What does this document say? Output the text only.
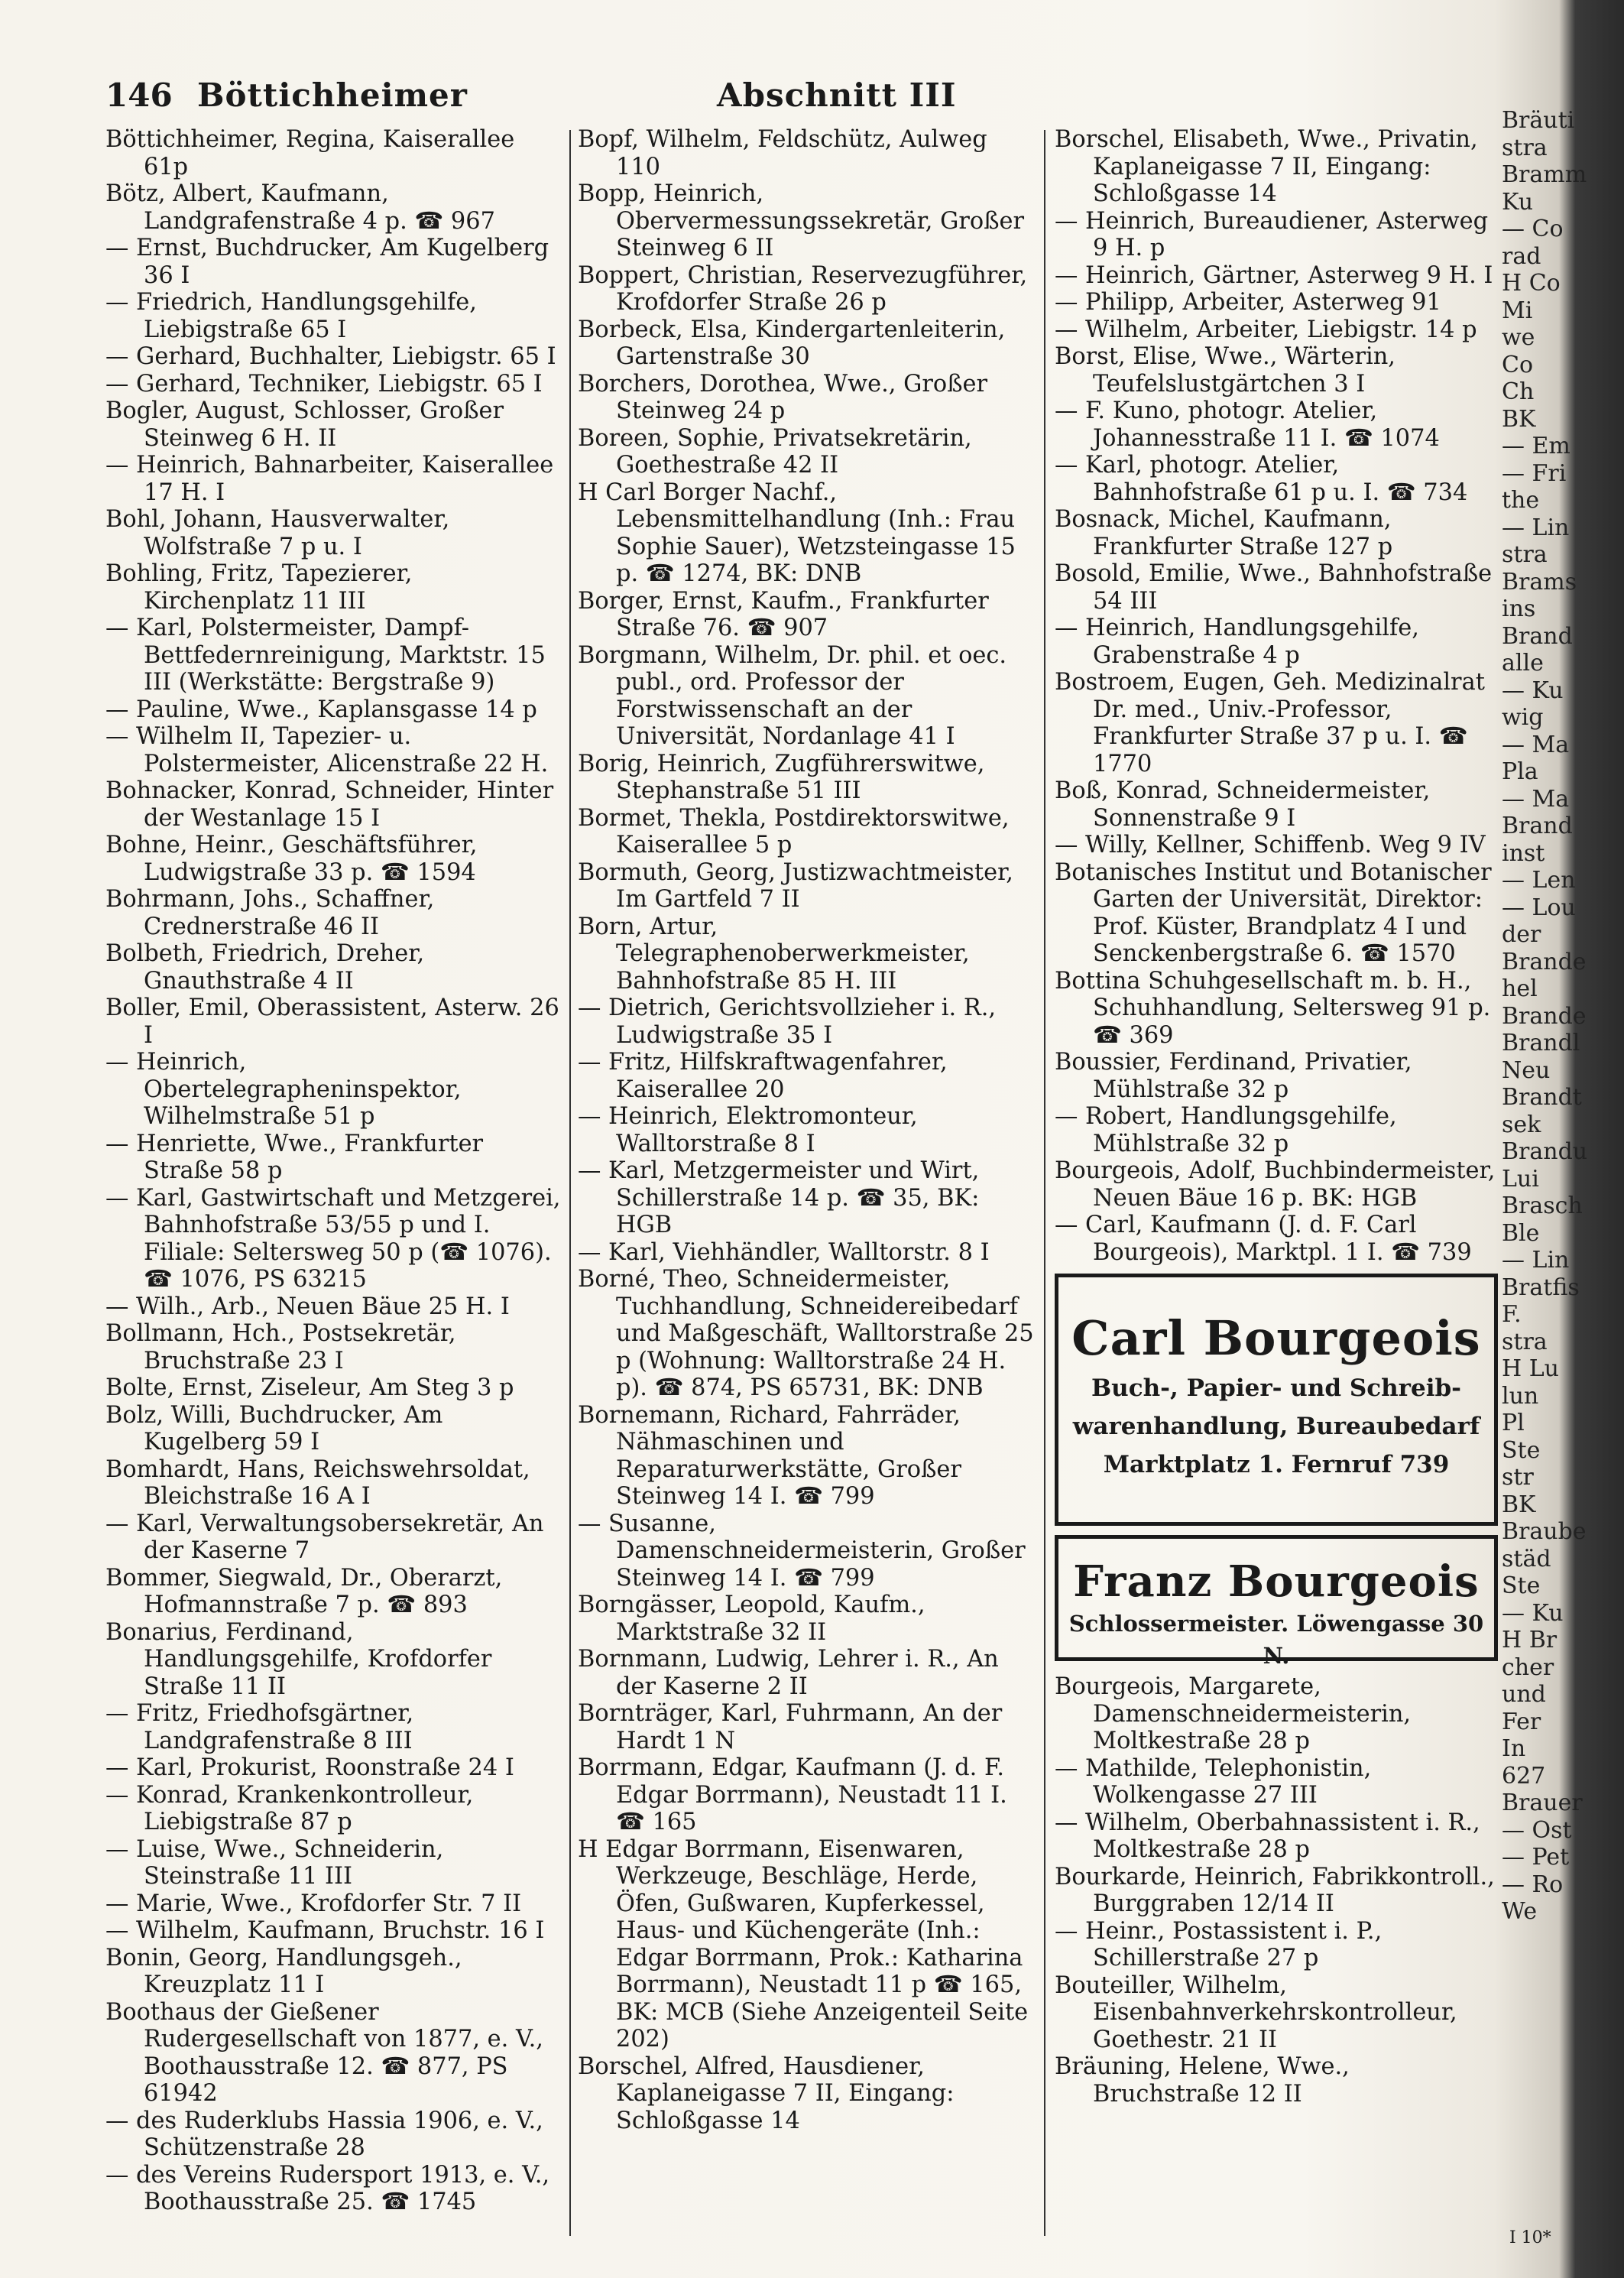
146 Böttichheimer	Abschnitt III

Böttichheimer, Regina, Kaiserallee 61p

Bötz, Albert, Kaufmann, Landgrafenstraße 4 p. ☎ 967

— Ernst, Buchdrucker, Am Kugelberg 36 I

— Friedrich, Handlungsgehilfe, Liebigstraße 65 I

— Gerhard, Buchhalter, Liebigstr. 65 I

— Gerhard, Techniker, Liebigstr. 65 I

Bogler, August, Schlosser, Großer Steinweg 6 H. II

— Heinrich, Bahnarbeiter, Kaiserallee 17 H. I

Bohl, Johann, Hausverwalter, Wolfstraße 7 p u. I

Bohling, Fritz, Tapezierer, Kirchenplatz 11 III

— Karl, Polstermeister, Dampf-Bettfedernreinigung, Marktstr. 15 III (Werkstätte: Bergstraße 9)

— Pauline, Wwe., Kaplansgasse 14 p

— Wilhelm II, Tapezier- u. Polstermeister, Alicenstraße 22 H.

Bohnacker, Konrad, Schneider, Hinter der Westanlage 15 I

Bohne, Heinr., Geschäftsführer, Ludwigstraße 33 p. ☎ 1594

Bohrmann, Johs., Schaffner, Crednerstraße 46 II

Bolbeth, Friedrich, Dreher, Gnauthstraße 4 II

Boller, Emil, Oberassistent, Asterw. 26 I

— Heinrich, Obertelegrapheninspektor, Wilhelmstraße 51 p

— Henriette, Wwe., Frankfurter Straße 58 p

— Karl, Gastwirtschaft und Metzgerei, Bahnhofstraße 53/55 p und I. Filiale: Seltersweg 50 p (☎ 1076). ☎ 1076, PS 63215

— Wilh., Arb., Neuen Bäue 25 H. I

Bollmann, Hch., Postsekretär, Bruchstraße 23 I

Bolte, Ernst, Ziseleur, Am Steg 3 p

Bolz, Willi, Buchdrucker, Am Kugelberg 59 I

Bomhardt, Hans, Reichswehrsoldat, Bleichstraße 16 A I

— Karl, Verwaltungsobersekretär, An der Kaserne 7

Bommer, Siegwald, Dr., Oberarzt, Hofmannstraße 7 p. ☎ 893

Bonarius, Ferdinand, Handlungsgehilfe, Krofdorfer Straße 11 II

— Fritz, Friedhofsgärtner, Landgrafenstraße 8 III

— Karl, Prokurist, Roonstraße 24 I

— Konrad, Krankenkontrolleur, Liebigstraße 87 p

— Luise, Wwe., Schneiderin, Steinstraße 11 III

— Marie, Wwe., Krofdorfer Str. 7 II

— Wilhelm, Kaufmann, Bruchstr. 16 I

Bonin, Georg, Handlungsgeh., Kreuzplatz 11 I

Boothaus der Gießener Rudergesellschaft von 1877, e. V., Boothausstraße 12. ☎ 877, PS 61942

— des Ruderklubs Hassia 1906, e. V., Schützenstraße 28

— des Vereins Rudersport 1913, e. V., Boothausstraße 25. ☎ 1745

Bopf, Wilhelm, Feldschütz, Aulweg 110

Bopp, Heinrich, Obervermessungssekretär, Großer Steinweg 6 II

Boppert, Christian, Reservezugführer, Krofdorfer Straße 26 p

Borbeck, Elsa, Kindergartenleiterin, Gartenstraße 30

Borchers, Dorothea, Wwe., Großer Steinweg 24 p

Boreen, Sophie, Privatsekretärin, Goethestraße 42 II

H Carl Borger Nachf., Lebensmittelhandlung (Inh.: Frau Sophie Sauer), Wetzsteingasse 15 p. ☎ 1274, BK: DNB

Borger, Ernst, Kaufm., Frankfurter Straße 76. ☎ 907

Borgmann, Wilhelm, Dr. phil. et oec. publ., ord. Professor der Forstwissenschaft an der Universität, Nordanlage 41 I

Borig, Heinrich, Zugführerswitwe, Stephanstraße 51 III

Bormet, Thekla, Postdirektorswitwe, Kaiserallee 5 p

Bormuth, Georg, Justizwachtmeister, Im Gartfeld 7 II

Born, Artur, Telegraphenoberwerkmeister, Bahnhofstraße 85 H. III

— Dietrich, Gerichtsvollzieher i. R., Ludwigstraße 35 I

— Fritz, Hilfskraftwagenfahrer, Kaiserallee 20

— Heinrich, Elektromonteur, Walltorstraße 8 I

— Karl, Metzgermeister und Wirt, Schillerstraße 14 p. ☎ 35, BK: HGB

— Karl, Viehhändler, Walltorstr. 8 I

Borné, Theo, Schneidermeister, Tuchhandlung, Schneidereibedarf und Maßgeschäft, Walltorstraße 25 p (Wohnung: Walltorstraße 24 H. p). ☎ 874, PS 65731, BK: DNB

Bornemann, Richard, Fahrräder, Nähmaschinen und Reparaturwerkstätte, Großer Steinweg 14 I. ☎ 799

— Susanne, Damenschneidermeisterin, Großer Steinweg 14 I. ☎ 799

Borngässer, Leopold, Kaufm., Marktstraße 32 II

Bornmann, Ludwig, Lehrer i. R., An der Kaserne 2 II

Bornträger, Karl, Fuhrmann, An der Hardt 1 N

Borrmann, Edgar, Kaufmann (J. d. F. Edgar Borrmann), Neustadt 11 I. ☎ 165

H Edgar Borrmann, Eisenwaren, Werkzeuge, Beschläge, Herde, Öfen, Gußwaren, Kupferkessel, Haus- und Küchengeräte (Inh.: Edgar Borrmann, Prok.: Katharina Borrmann), Neustadt 11 p ☎ 165, BK: MCB (Siehe Anzeigenteil Seite 202)

Borschel, Alfred, Hausdiener, Kaplaneigasse 7 II, Eingang: Schloßgasse 14

Borschel, Elisabeth, Wwe., Privatin, Kaplaneigasse 7 II, Eingang: Schloßgasse 14

— Heinrich, Bureaudiener, Asterweg 9 H. p

— Heinrich, Gärtner, Asterweg 9 H. I

— Philipp, Arbeiter, Asterweg 91

— Wilhelm, Arbeiter, Liebigstr. 14 p

Borst, Elise, Wwe., Wärterin, Teufelslustgärtchen 3 I

— F. Kuno, photogr. Atelier, Johannesstraße 11 I. ☎ 1074

— Karl, photogr. Atelier, Bahnhofstraße 61 p u. I. ☎ 734

Bosnack, Michel, Kaufmann, Frankfurter Straße 127 p

Bosold, Emilie, Wwe., Bahnhofstraße 54 III

— Heinrich, Handlungsgehilfe, Grabenstraße 4 p

Bostroem, Eugen, Geh. Medizinalrat Dr. med., Univ.-Professor, Frankfurter Straße 37 p u. I. ☎ 1770

Boß, Konrad, Schneidermeister, Sonnenstraße 9 I

— Willy, Kellner, Schiffenb. Weg 9 IV

Botanisches Institut und Botanischer Garten der Universität, Direktor: Prof. Küster, Brandplatz 4 I und Senckenbergstraße 6. ☎ 1570

Bottina Schuhgesellschaft m. b. H., Schuhhandlung, Seltersweg 91 p. ☎ 369

Boussier, Ferdinand, Privatier, Mühlstraße 32 p

— Robert, Handlungsgehilfe, Mühlstraße 32 p

Bourgeois, Adolf, Buchbindermeister, Neuen Bäue 16 p. BK: HGB

— Carl, Kaufmann (J. d. F. Carl Bourgeois), Marktpl. 1 I. ☎ 739

Carl Bourgeois
Buch-, Papier- und Schreib-
warenhandlung, Bureaubedarf
Marktplatz 1. Fernruf 739
Franz Bourgeois
Schlossermeister. Löwengasse 30 N.

Bourgeois, Margarete, Damenschneidermeisterin, Moltkestraße 28 p

— Mathilde, Telephonistin, Wolkengasse 27 III

— Wilhelm, Oberbahnassistent i. R., Moltkestraße 28 p

Bourkarde, Heinrich, Fabrikkontroll., Burggraben 12/14 II

— Heinr., Postassistent i. P., Schillerstraße 27 p

Bouteiller, Wilhelm, Eisenbahnverkehrskontrolleur, Goethestr. 21 II

Bräuning, Helene, Wwe., Bruchstraße 12 II

Bräuti
stra
Bramm
Ku
— Co
rad
H Co
Mi
we
Co
Ch
BK
— Em
— Fri
the
— Lin
stra
Brams
ins
Brand
alle
— Ku
wig
— Ma
Pla
— Ma
Brand
inst
— Len
— Lou
der
Brande
hel
Brande
Brandl
Neu
Brandt
sek
Brandu
Lui
Brasch
Ble
— Lin
Bratfis
F.
stra
H Lu
lun
Pl
Ste
str
BK
Braube
städ
Ste
— Ku
H Br
cher
und
Fer
In
627
Brauer
— Ost
— Pet
— Ro
We
I 10*
